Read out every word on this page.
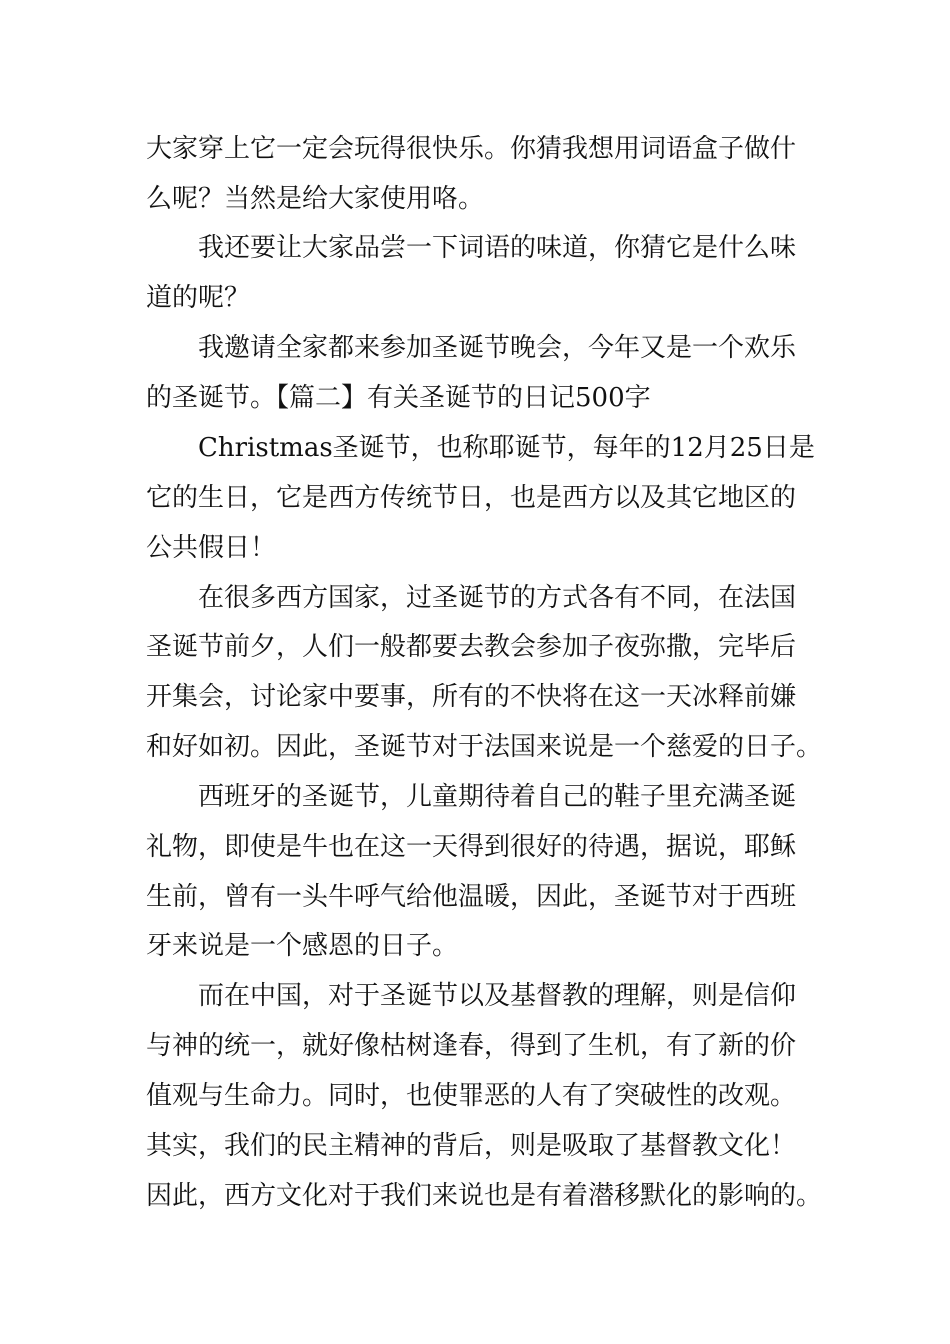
大家穿上它一定会玩得很快乐。你猜我想用词语盒子做什
么呢？当然是给大家使用咯。
我还要让大家品尝一下词语的味道，你猜它是什么味
道的呢？
我邀请全家都来参加圣诞节晚会，今年又是一个欢乐
的圣诞节。【篇二】有关圣诞节的日记500字
Christmas圣诞节，也称耶诞节，每年的12月25日是
它的生日，它是西方传统节日，也是西方以及其它地区的
公共假日！
在很多西方国家，过圣诞节的方式各有不同，在法国
圣诞节前夕，人们一般都要去教会参加子夜弥撒，完毕后
开集会，讨论家中要事，所有的不快将在这一天冰释前嫌
和好如初。因此，圣诞节对于法国来说是一个慈爱的日子。
西班牙的圣诞节，儿童期待着自己的鞋子里充满圣诞
礼物，即使是牛也在这一天得到很好的待遇，据说，耶稣
生前，曾有一头牛呼气给他温暖，因此，圣诞节对于西班
牙来说是一个感恩的日子。
而在中国，对于圣诞节以及基督教的理解，则是信仰
与神的统一，就好像枯树逢春，得到了生机，有了新的价
值观与生命力。同时，也使罪恶的人有了突破性的改观。
其实，我们的民主精神的背后，则是吸取了基督教文化！
因此，西方文化对于我们来说也是有着潜移默化的影响的。
